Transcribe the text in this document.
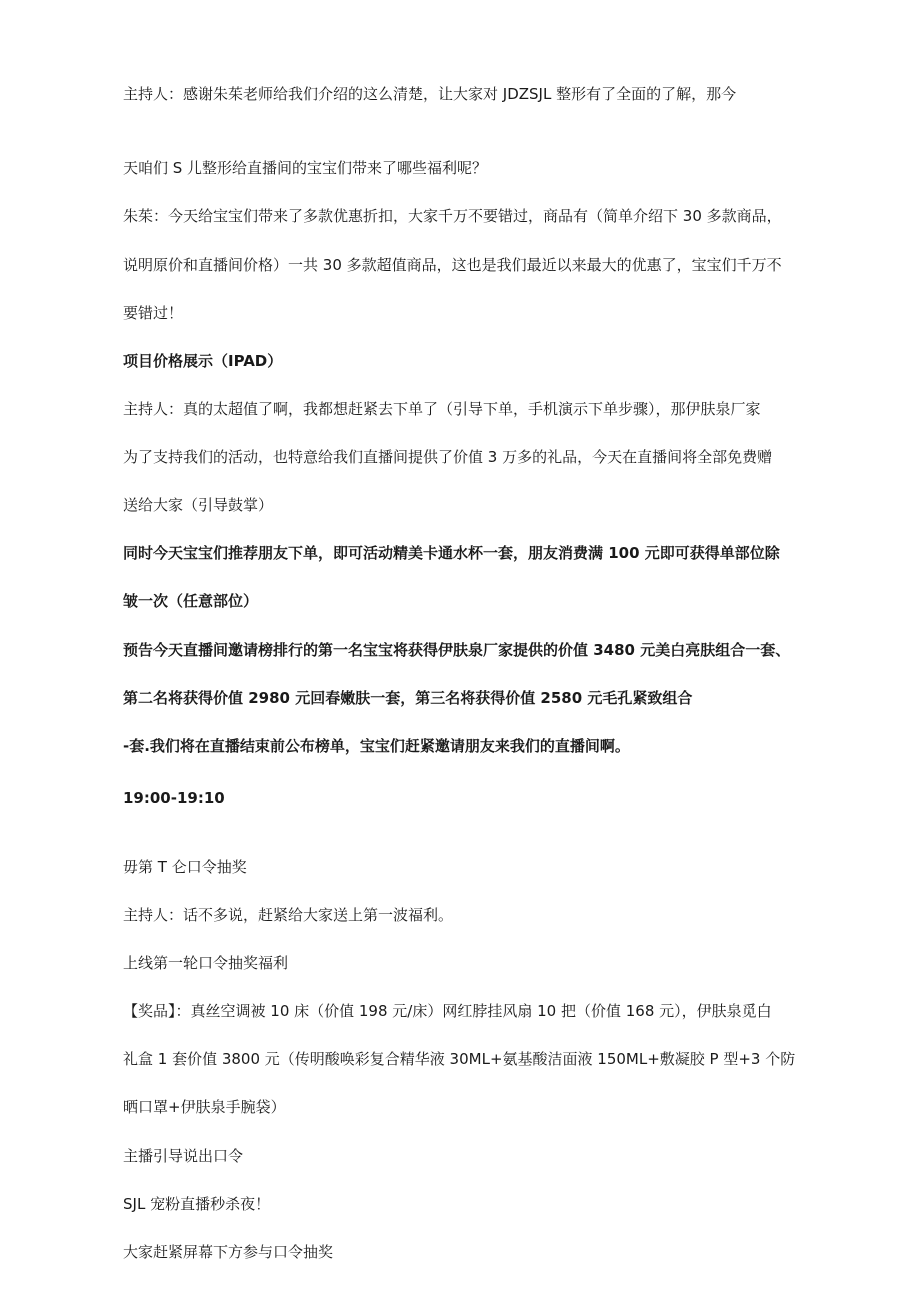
主持人：感谢朱茱老师给我们介绍的这么清楚，让大家对 JDZSJL 整形有了全面的了解，那今
天咱们 S 儿整形给直播间的宝宝们带来了哪些福利呢？
朱茱：今天给宝宝们带来了多款优惠折扣，大家千万不要错过，商品有（简单介绍下 30 多款商品，
说明原价和直播间价格）一共 30 多款超值商品，这也是我们最近以来最大的优惠了，宝宝们千万不
要错过！
项目价格展示（IPAD）
主持人：真的太超值了啊，我都想赶紧去下单了（引导下单，手机演示下单步骤），那伊肤泉厂家
为了支持我们的活动，也特意给我们直播间提供了价值 3 万多的礼品，今天在直播间将全部免费赠
送给大家（引导鼓掌）
同时今天宝宝们推荐朋友下单，即可活动精美卡通水杯一套，朋友消费满 100 元即可获得单部位除
皱一次（任意部位）
预告今天直播间邀请榜排行的第一名宝宝将获得伊肤泉厂家提供的价值 3480 元美白亮肤组合一套、
第二名将获得价值 2980 元回春嫩肤一套，第三名将获得价值 2580 元毛孔紧致组合
-套.我们将在直播结束前公布榜单，宝宝们赶紧邀请朋友来我们的直播间啊。
19:00-19:10
毋第 T 仑口令抽奖
主持人：话不多说，赶紧给大家送上第一波福利。
上线第一轮口令抽奖福利
【奖品】：真丝空调被 10 床（价值 198 元/床）网红脖挂风扇 10 把（价值 168 元），伊肤泉觅白
礼盒 1 套价值 3800 元（传明酸唤彩复合精华液 30ML+氨基酸洁面液 150ML+敷凝胶 P 型+3 个防
晒口罩+伊肤泉手腕袋）
主播引导说出口令
SJL 宠粉直播秒杀夜！
大家赶紧屏幕下方参与口令抽奖
